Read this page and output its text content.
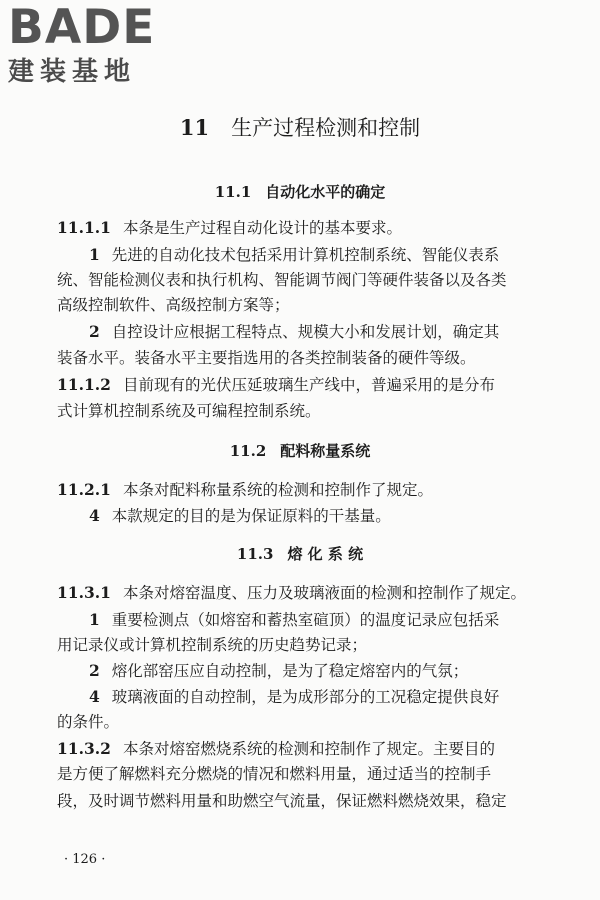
BADE
建装基地
11 生产过程检测和控制
11.1 自动化水平的确定
11.2 配料称量系统
11.3 熔 化 系 统
11.1.1 本条是生产过程自动化设计的基本要求。
1 先进的自动化技术包括采用计算机控制系统、智能仪表系
统、智能检测仪表和执行机构、智能调节阀门等硬件装备以及各类
高级控制软件、高级控制方案等；
2 自控设计应根据工程特点、规模大小和发展计划，确定其
装备水平。装备水平主要指选用的各类控制装备的硬件等级。
11.1.2 目前现有的光伏压延玻璃生产线中，普遍采用的是分布
式计算机控制系统及可编程控制系统。
11.2.1 本条对配料称量系统的检测和控制作了规定。
4 本款规定的目的是为保证原料的干基量。
11.3.1 本条对熔窑温度、压力及玻璃液面的检测和控制作了规定。
1 重要检测点（如熔窑和蓄热室碹顶）的温度记录应包括采
用记录仪或计算机控制系统的历史趋势记录；
2 熔化部窑压应自动控制，是为了稳定熔窑内的气氛；
4 玻璃液面的自动控制，是为成形部分的工况稳定提供良好
的条件。
11.3.2 本条对熔窑燃烧系统的检测和控制作了规定。主要目的
是方便了解燃料充分燃烧的情况和燃料用量，通过适当的控制手
段，及时调节燃料用量和助燃空气流量，保证燃料燃烧效果，稳定
· 126 ·
